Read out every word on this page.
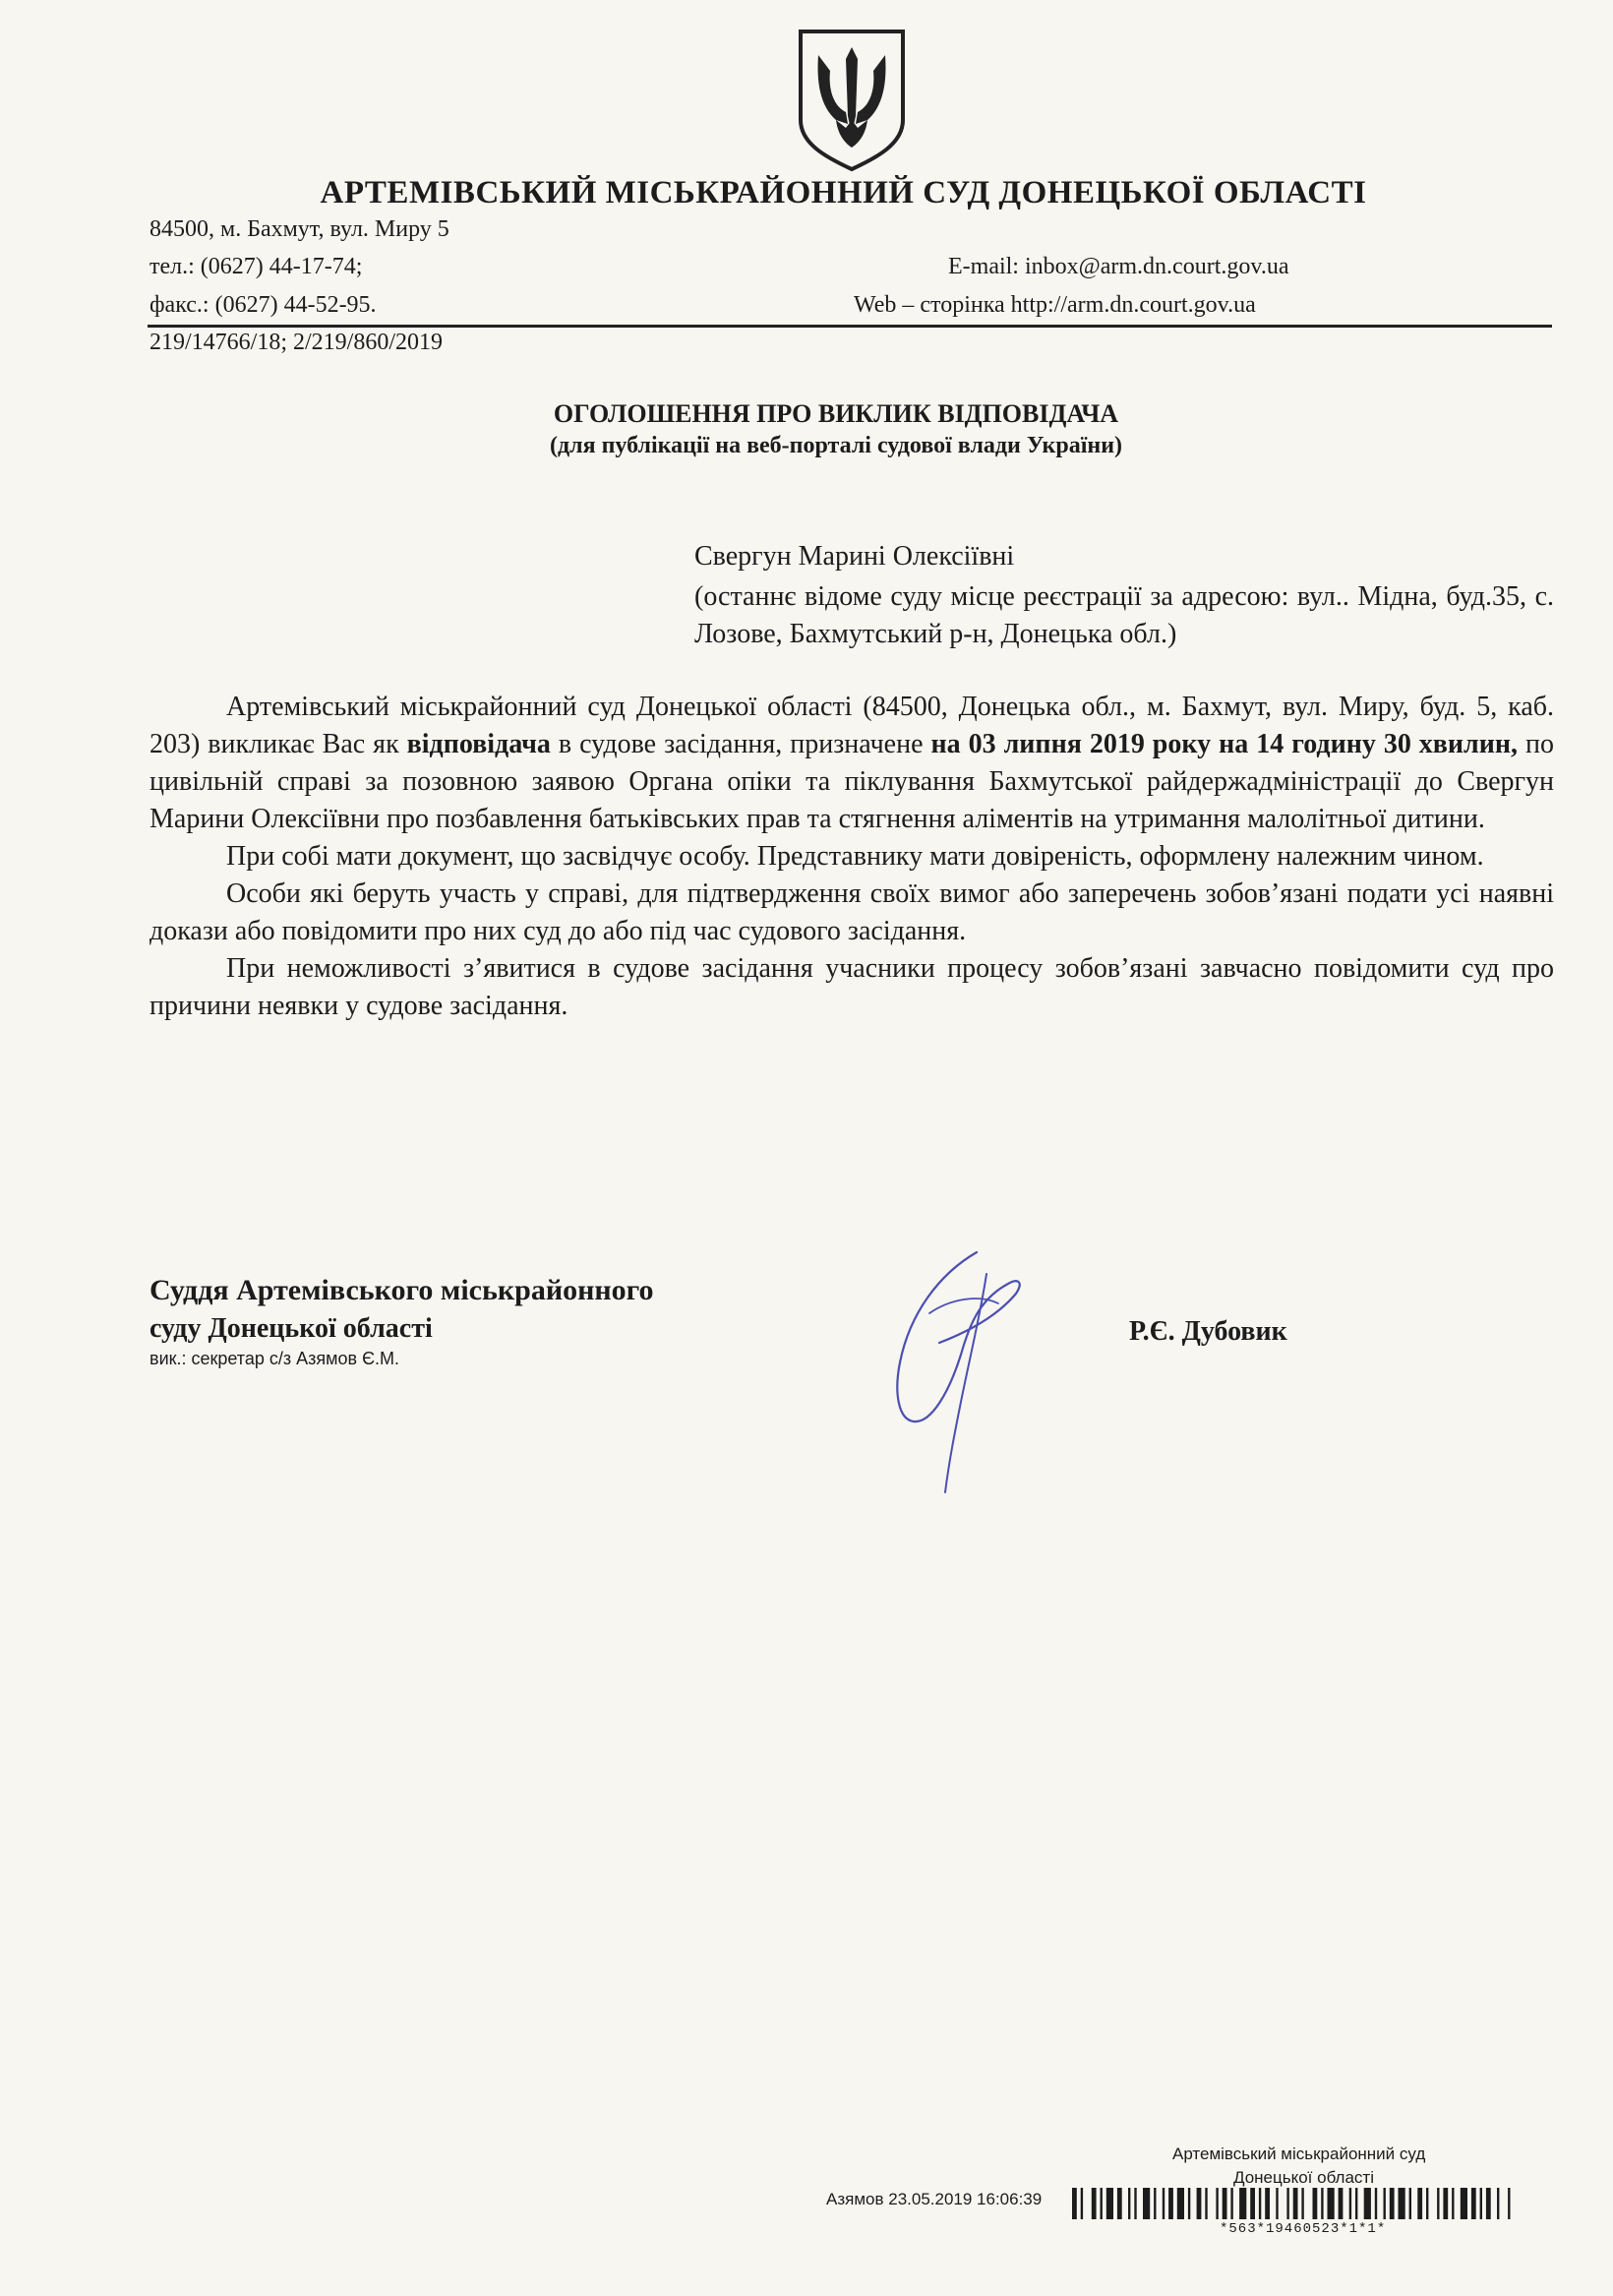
АРТЕМІВСЬКИЙ МІСЬКРАЙОННИЙ СУД ДОНЕЦЬКОЇ ОБЛАСТІ
84500, м. Бахмут, вул. Миру 5
тел.: (0627) 44-17-74;	E-mail: inbox@arm.dn.court.gov.ua
факс.: (0627) 44-52-95.	Web – сторінка http://arm.dn.court.gov.ua
219/14766/18; 2/219/860/2019
ОГОЛОШЕННЯ ПРО ВИКЛИК ВІДПОВІДАЧА
(для публікації на веб-порталі судової влади України)
Свергун Марині Олексіївні
(останнє відоме суду місце реєстрації за адресою: вул.. Мідна, буд.35, с. Лозове, Бахмутський р-н, Донецька обл.)

Артемівський міськрайонний суд Донецької області (84500, Донецька обл., м. Бахмут, вул. Миру, буд. 5, каб. 203) викликає Вас як відповідача в судове засідання, призначене на 03 липня 2019 року на 14 годину 30 хвилин, по цивільній справі за позовною заявою Органа опіки та піклування Бахмутської райдержадміністрації до Свергун Марини Олексіївни про позбавлення батьківських прав та стягнення аліментів на утримання малолітньої дитини.

При собі мати документ, що засвідчує особу. Представнику мати довіреність, оформлену належним чином.

Особи які беруть участь у справі, для підтвердження своїх вимог або заперечень зобов’язані подати усі наявні докази або повідомити про них суд до або під час судового засідання.

При неможливості з’явитися в судове засідання учасники процесу зобов’язані завчасно повідомити суд про причини неявки у судове засідання.

Суддя Артемівського міськрайонного
суду Донецької області
вик.: секретар с/з Азямов Є.М.
Р.Є. Дубовик
Артемівський міськрайонний суд
Донецької області
Азямов 23.05.2019 16:06:39
*563*19460523*1*1*
